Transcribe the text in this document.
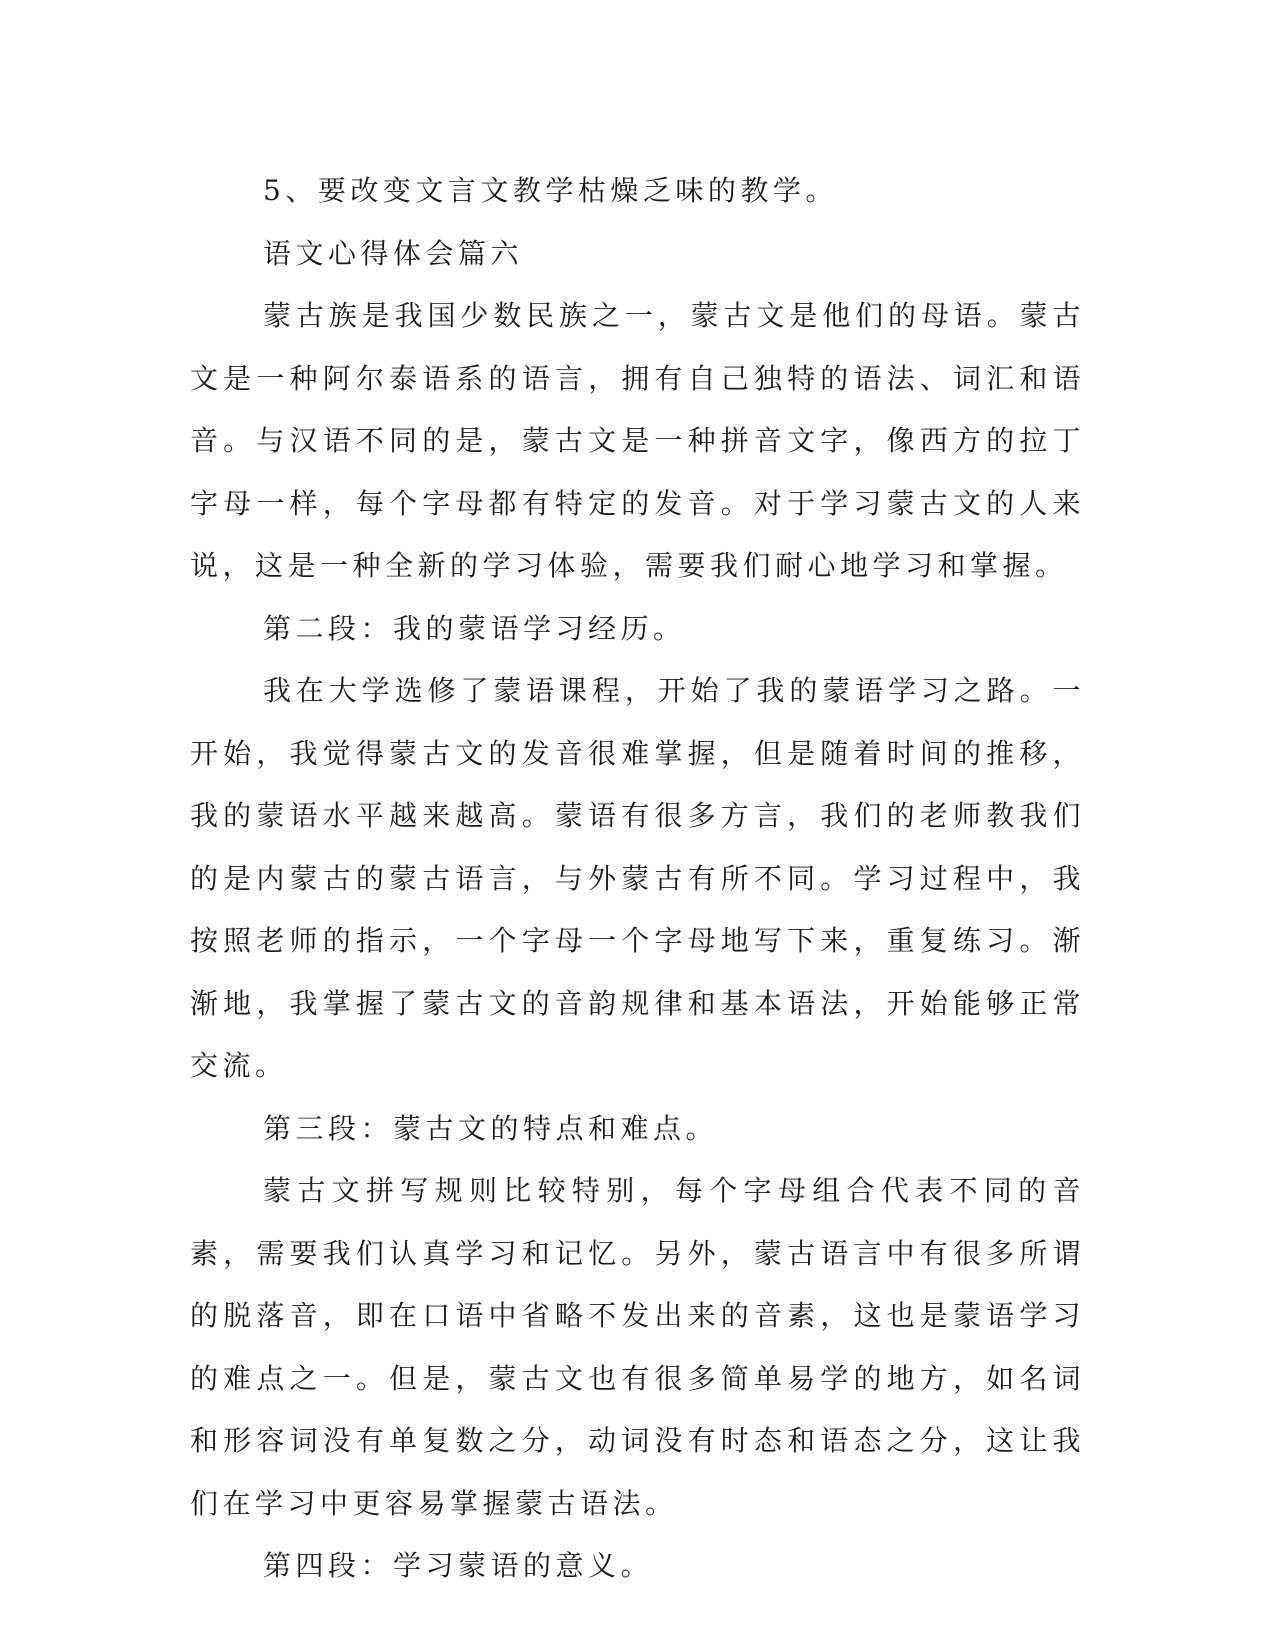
5、要改变文言文教学枯燥乏味的教学。

语文心得体会篇六

蒙古族是我国少数民族之一，蒙古文是他们的母语。蒙古文是一种阿尔泰语系的语言，拥有自己独特的语法、词汇和语音。与汉语不同的是，蒙古文是一种拼音文字，像西方的拉丁字母一样，每个字母都有特定的发音。对于学习蒙古文的人来说，这是一种全新的学习体验，需要我们耐心地学习和掌握。

第二段：我的蒙语学习经历。

我在大学选修了蒙语课程，开始了我的蒙语学习之路。一开始，我觉得蒙古文的发音很难掌握，但是随着时间的推移，我的蒙语水平越来越高。蒙语有很多方言，我们的老师教我们的是内蒙古的蒙古语言，与外蒙古有所不同。学习过程中，我按照老师的指示，一个字母一个字母地写下来，重复练习。渐渐地，我掌握了蒙古文的音韵规律和基本语法，开始能够正常交流。

第三段：蒙古文的特点和难点。

蒙古文拼写规则比较特别，每个字母组合代表不同的音素，需要我们认真学习和记忆。另外，蒙古语言中有很多所谓的脱落音，即在口语中省略不发出来的音素，这也是蒙语学习的难点之一。但是，蒙古文也有很多简单易学的地方，如名词和形容词没有单复数之分，动词没有时态和语态之分，这让我们在学习中更容易掌握蒙古语法。

第四段：学习蒙语的意义。
